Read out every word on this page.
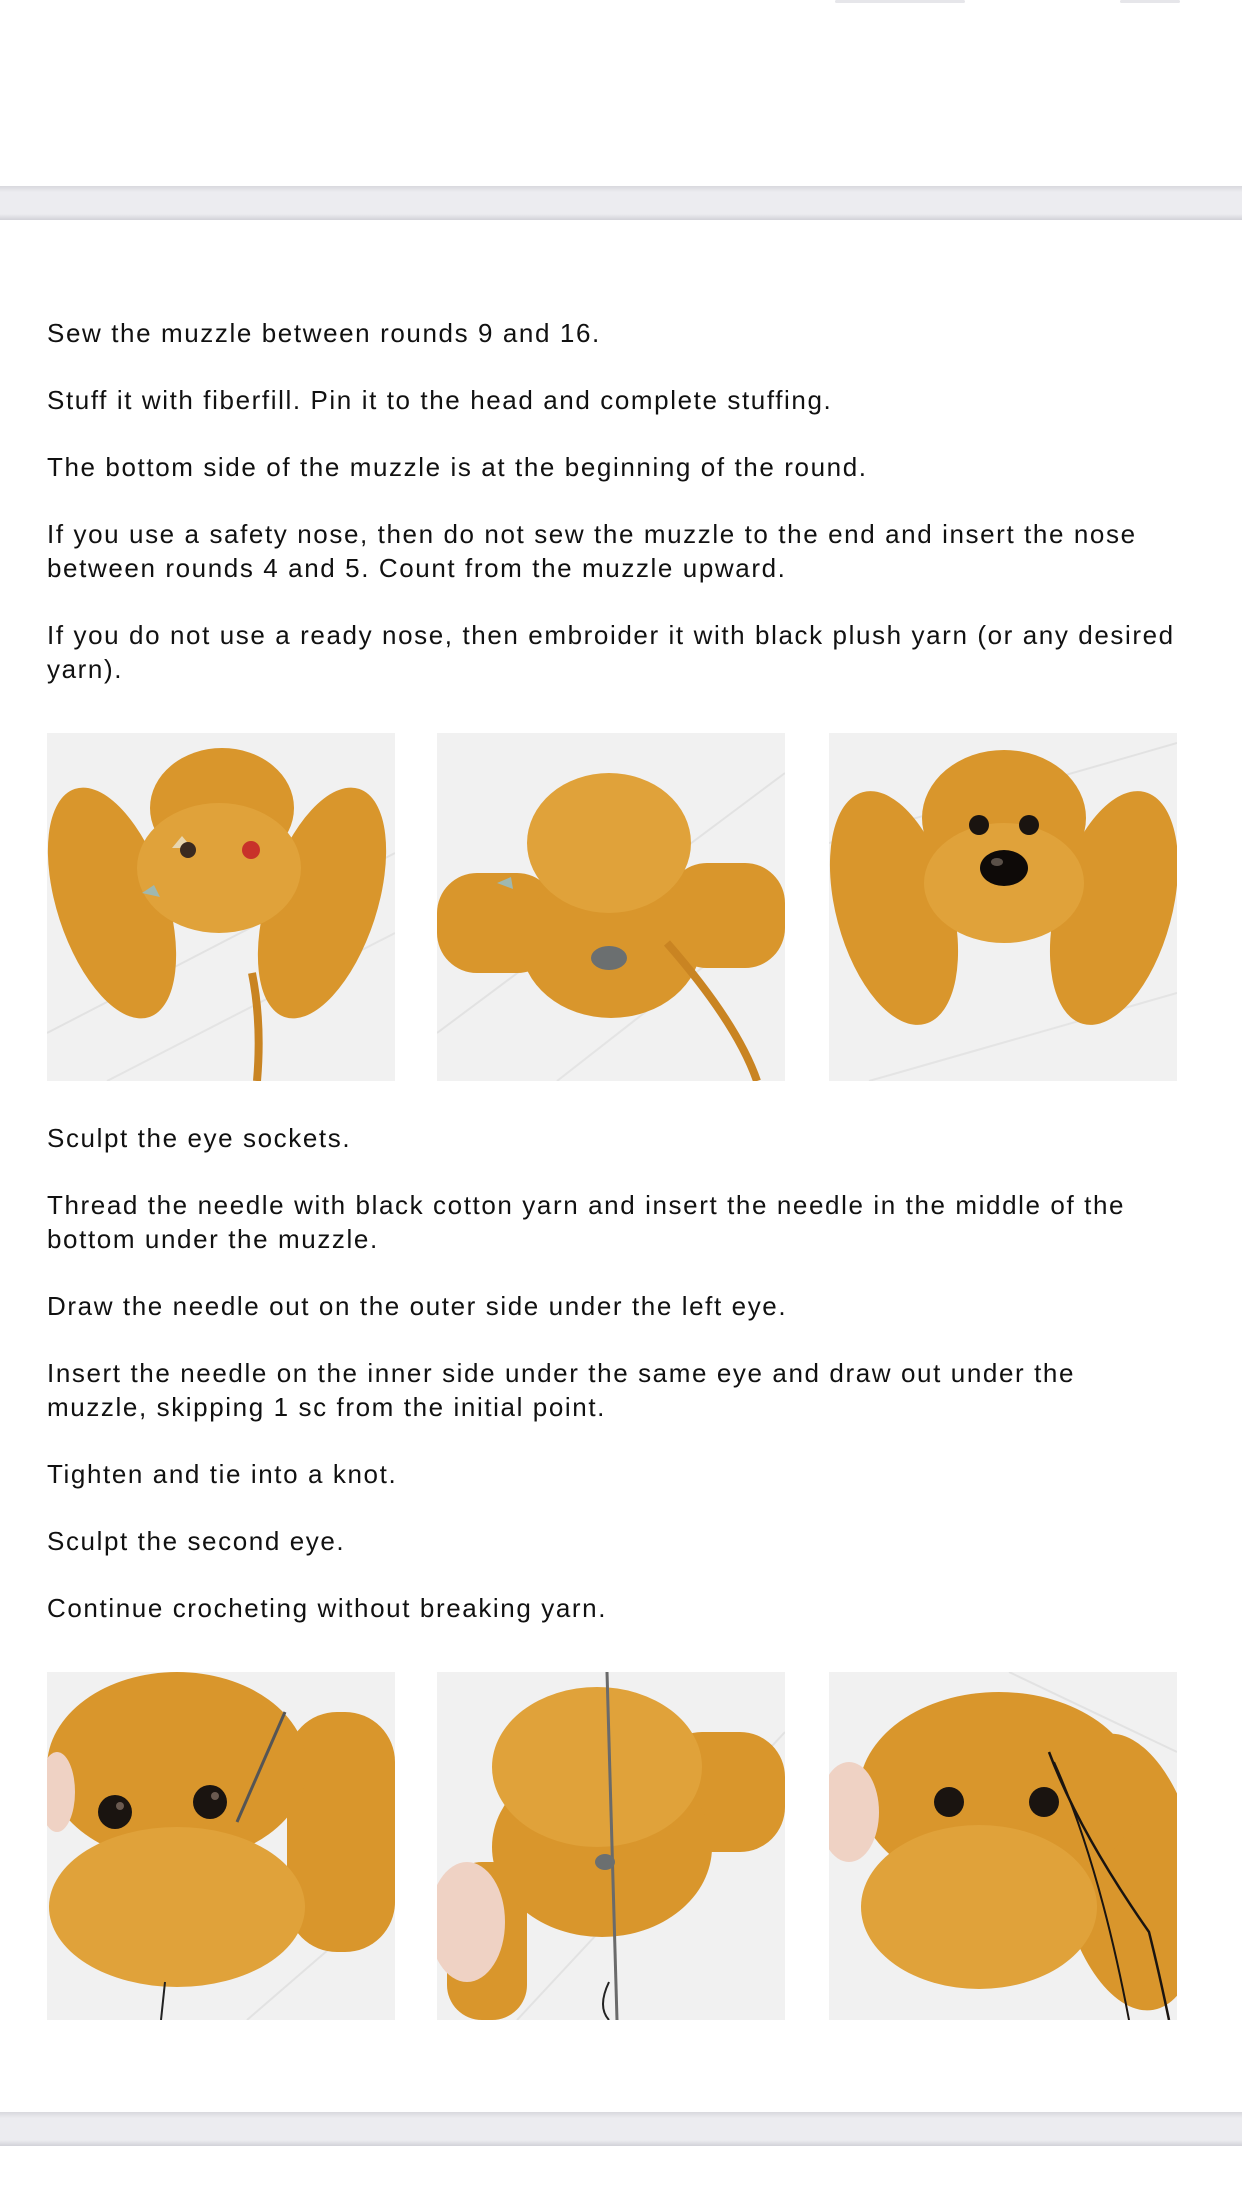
Sew the muzzle between rounds 9 and 16.

Stuff it with fiberfill. Pin it to the head and complete stuffing.

The bottom side of the muzzle is at the beginning of the round.

If you use a safety nose, then do not sew the muzzle to the end and insert the nose between rounds 4 and 5. Count from the muzzle upward.

If you do not use a ready nose, then embroider it with black plush yarn (or any desired yarn).

Sculpt the eye sockets.

Thread the needle with black cotton yarn and insert the needle in the middle of the bottom under the muzzle.

Draw the needle out on the outer side under the left eye.

Insert the needle on the inner side under the same eye and draw out under the muzzle, skipping 1 sc from the initial point.

Tighten and tie into a knot.

Sculpt the second eye.

Continue crocheting without breaking yarn.
